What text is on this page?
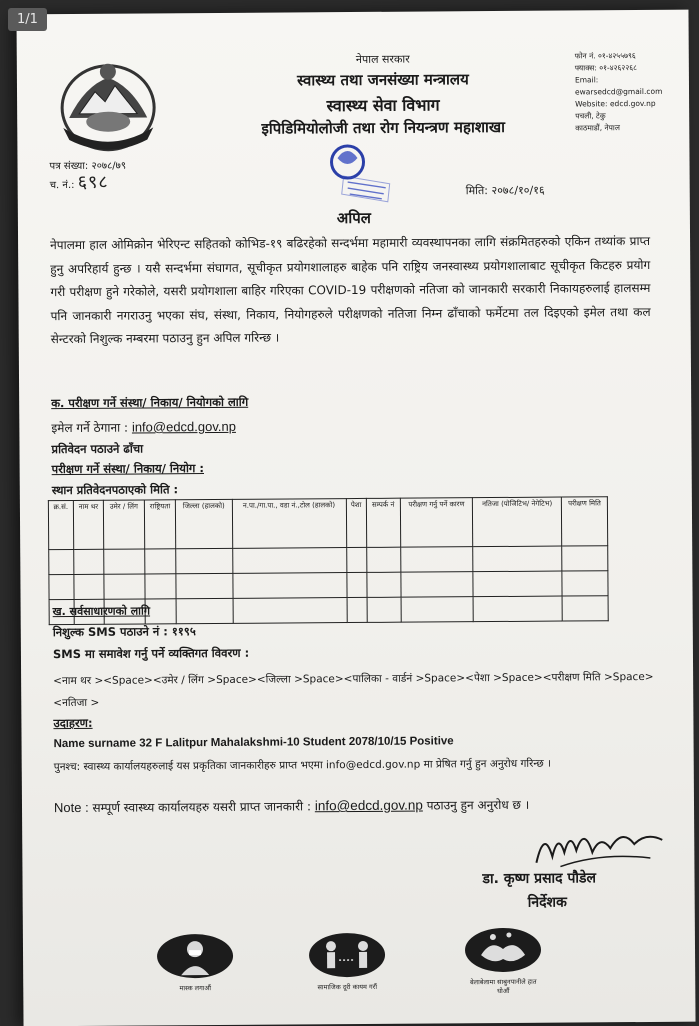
1/1
नेपाल सरकार
स्वास्थ्य तथा जनसंख्या मन्त्रालय
स्वास्थ्य सेवा विभाग
इपिडिमियोलोजी तथा रोग नियन्त्रण महाशाखा
फोन नं. ०१-४२५५७९६
फ्याक्स: ०१-४२६२२६८
Email:
ewarsedcd@gmail.com
Website: edcd.gov.np
पचली, टेकु
काठमाडौं, नेपाल
पत्र संख्या: २०७८/७९
च. नं.: ६९८	मिति: २०७८/१०/१६
अपिल
नेपालमा हाल ओमिक्रोन भेरिएन्ट सहितको कोभिड-१९ बढिरहेको सन्दर्भमा महामारी व्यवस्थापनका लागि संक्रमितहरुको एकिन तथ्यांक प्राप्त हुनु अपरिहार्य हुन्छ । यसै सन्दर्भमा संघागत, सूचीकृत प्रयोगशालाहरु बाहेक पनि राष्ट्रिय जनस्वास्थ्य प्रयोगशालाबाट सूचीकृत किटहरु प्रयोग गरी परीक्षण हुने गरेकोले, यसरी प्रयोगशाला बाहिर गरिएका COVID-19 परीक्षणको नतिजा को जानकारी सरकारी निकायहरुलाई हालसम्म पनि जानकारी नगराउनु भएका संघ, संस्था, निकाय, नियोगहरुले परीक्षणको नतिजा निम्न ढाँचाको फर्मेटमा तल दिइएको इमेल तथा कल सेन्टरको निशुल्क नम्बरमा पठाउनु हुन अपिल गरिन्छ ।
क. परीक्षण गर्ने संस्था/ निकाय/ नियोगको लागि
इमेल गर्ने ठेगाना : info@edcd.gov.np
प्रतिवेदन पठाउने ढाँचा
परीक्षण गर्ने संस्था/ निकाय/ नियोग :
स्थान प्रतिवेदनपठाएको मिति :
क्र.सं.	नाम थर	उमेर / लिंग	राष्ट्रियता	जिल्ला (हालको)	न.पा./गा.पा., वडा नं.,टोल (हालको)	पेशा	सम्पर्क नं	परीक्षण गर्नु पर्ने कारण	नतिजा (पोजिटिभ/ नेगेटिभ)	परीक्षण मिति

ख. सर्वसाधारणको लागि
निशुल्क SMS पठाउने नं : ११९५
SMS मा समावेश गर्नु पर्ने व्यक्तिगत विवरण :
<नाम थर ><Space><उमेर / लिंग >Space><जिल्ला >Space><पालिका - वार्डनं >Space><पेशा >Space><परीक्षण मिति >Space><नतिजा >
उदाहरण:
Name surname 32 F Lalitpur Mahalakshmi-10 Student 2078/10/15 Positive
पुनश्च: स्वास्थ्य कार्यालयहरुलाई यस प्रकृतिका जानकारीहरु प्राप्त भएमा info@edcd.gov.np मा प्रेषित गर्नु हुन अनुरोध गरिन्छ ।
Note : सम्पूर्ण स्वास्थ्य कार्यालयहरु यसरी प्राप्त जानकारी : info@edcd.gov.np पठाउनु हुन अनुरोध छ ।
डा. कृष्ण प्रसाद पौडेल
निर्देशक
मास्क लगाऔं	सामाजिक दूरी कायम गरौं
बेलाबेलामा साबुनपानीले हात धोऔं
